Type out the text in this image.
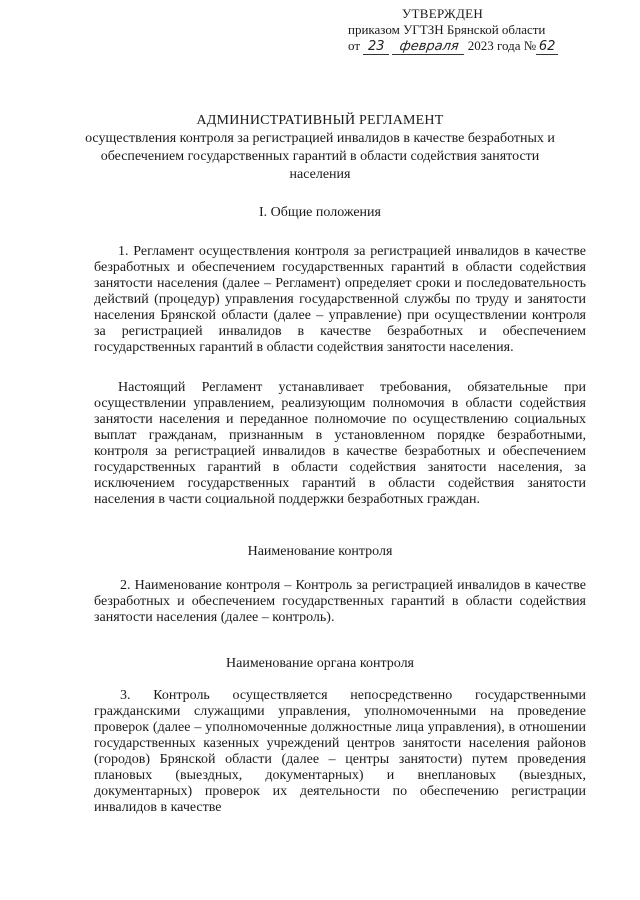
УТВЕРЖДЕН
приказом УГТЗН Брянской области
от 23 февраля 2023 года № 62
АДМИНИСТРАТИВНЫЙ РЕГЛАМЕНТ
осуществления контроля за регистрацией инвалидов в качестве безработных и
обеспечением государственных гарантий в области содействия занятости
населения
I. Общие положения
1. Регламент осуществления контроля за регистрацией инвалидов в качестве безработных и обеспечением государственных гарантий в области содействия занятости населения (далее – Регламент) определяет сроки и последовательность действий (процедур) управления государственной службы по труду и занятости населения Брянской области (далее – управление) при осуществлении контроля за регистрацией инвалидов в качестве безработных и обеспечением государственных гарантий в области содействия занятости населения.
Настоящий Регламент устанавливает требования, обязательные при осуществлении управлением, реализующим полномочия в области содействия занятости населения и переданное полномочие по осуществлению социальных выплат гражданам, признанным в установленном порядке безработными, контроля за регистрацией инвалидов в качестве безработных и обеспечением государственных гарантий в области содействия занятости населения, за исключением государственных гарантий в области содействия занятости населения в части социальной поддержки безработных граждан.
Наименование контроля
2. Наименование контроля – Контроль за регистрацией инвалидов в качестве безработных и обеспечением государственных гарантий в области содействия занятости населения (далее – контроль).
Наименование органа контроля
3. Контроль осуществляется непосредственно государственными гражданскими служащими управления, уполномоченными на проведение проверок (далее – уполномоченные должностные лица управления), в отношении государственных казенных учреждений центров занятости населения районов (городов) Брянской области (далее – центры занятости) путем проведения плановых (выездных, документарных) и внеплановых (выездных, документарных) проверок их деятельности по обеспечению регистрации инвалидов в качестве
